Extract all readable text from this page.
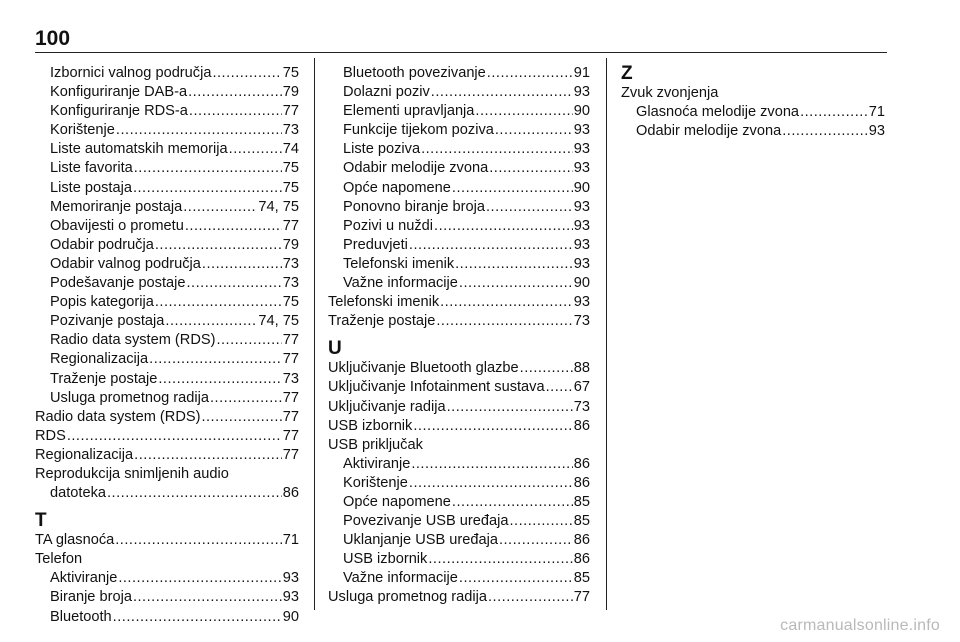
100
Izbornici valnog područja .....	75
Konfiguriranje DAB-a .....	79
Konfiguriranje RDS-a .....	77
Korištenje .....	73
Liste automatskih memorija .....	74
Liste favorita .....	75
Liste postaja .....	75
Memoriranje postaja .....	74, 75
Obavijesti o prometu .....	77
Odabir područja .....	79
Odabir valnog područja .....	73
Podešavanje postaje .....	73
Popis kategorija .....	75
Pozivanje postaja .....	74, 75
Radio data system (RDS) .....	77
Regionalizacija .....	77
Traženje postaje .....	73
Usluga prometnog radija .....	77
Radio data system (RDS) .....	77
RDS .....	77
Regionalizacija .....	77
Reprodukcija snimljenih audio
datoteka .....	86
T
TA glasnoća .....	71
Telefon
Aktiviranje .....	93
Biranje broja .....	93
Bluetooth .....	90
Bluetooth povezivanje .....	91
Dolazni poziv .....	93
Elementi upravljanja .....	90
Funkcije tijekom poziva .....	93
Liste poziva .....	93
Odabir melodije zvona .....	93
Opće napomene .....	90
Ponovno biranje broja .....	93
Pozivi u nuždi .....	93
Preduvjeti .....	93
Telefonski imenik .....	93
Važne informacije .....	90
Telefonski imenik .....	93
Traženje postaje .....	73
U
Uključivanje Bluetooth glazbe .....	88
Uključivanje Infotainment sustava ..... 67
Uključivanje radija .....	73
USB izbornik .....	86
USB priključak
Aktiviranje .....	86
Korištenje .....	86
Opće napomene .....	85
Povezivanje USB uređaja .....	85
Uklanjanje USB uređaja .....	86
USB izbornik .....	86
Važne informacije .....	85
Usluga prometnog radija .....	77
Z
Zvuk zvonjenja
Glasnoća melodije zvona .....	71
Odabir melodije zvona .....	93
carmanualsonline.info
